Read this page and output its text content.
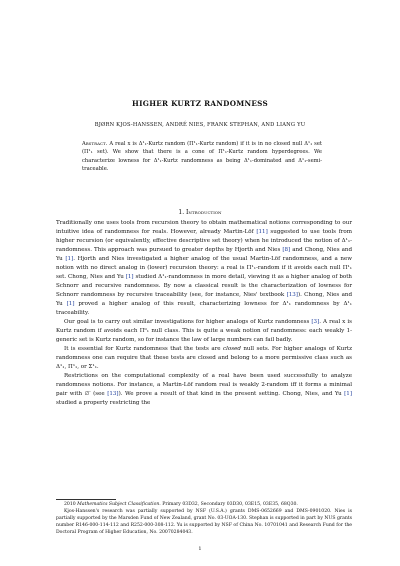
HIGHER KURTZ RANDOMNESS
BJØRN KJOS-HANSSEN, ANDRÉ NIES, FRANK STEPHAN, AND LIANG YU
Abstract. A real x is Δ¹₁-Kurtz random (Π¹₁-Kurtz random) if it is in no closed null Δ¹₁ set (Π¹₁ set). We show that there is a cone of Π¹₁-Kurtz random hyperdegrees. We characterize lowness for Δ¹₁-Kurtz randomness as being Δ¹₁-dominated and Δ¹₁-semi-traceable.
1. Introduction

Traditionally one uses tools from recursion theory to obtain mathematical notions corresponding to our intuitive idea of randomness for reals. However, already Martin-Löf [11] suggested to use tools from higher recursion (or equivalently, effective descriptive set theory) when he introduced the notion of Δ¹₁-randomness. This approach was pursued to greater depths by Hjorth and Nies [8] and Chong, Nies and Yu [1]. Hjorth and Nies investigated a higher analog of the usual Martin-Löf randomness, and a new notion with no direct analog in (lower) recursion theory: a real is Π¹₁-random if it avoids each null Π¹₁ set. Chong, Nies and Yu [1] studied Δ¹₁-randomness in more detail, viewing it as a higher analog of both Schnorr and recursive randomness. By now a classical result is the characterization of lowness for Schnorr randomness by recursive traceability (see, for instance, Nies' textbook [13]). Chong, Nies and Yu [1] proved a higher analog of this result, characterizing lowness for Δ¹₁ randomness by Δ¹₁ traceability.

Our goal is to carry out similar investigations for higher analogs of Kurtz randomness [3]. A real x is Kurtz random if avoids each Π⁰₁ null class. This is quite a weak notion of randomness: each weakly 1-generic set is Kurtz random, so for instance the law of large numbers can fail badly.

It is essential for Kurtz randomness that the tests are closed null sets. For higher analogs of Kurtz randomness one can require that these tests are closed and belong to a more permissive class such as Δ¹₁, Π¹₁, or Σ¹₁.

Restrictions on the computational complexity of a real have been used successfully to analyze randomness notions. For instance, a Martin-Löf random real is weakly 2-random iff it forms a minimal pair with ∅′ (see [13]). We prove a result of that kind in the present setting. Chong, Nies, and Yu [1] studied a property restricting the

2010 Mathematics Subject Classification. Primary 03D32, Secondary 03D30, 03E15, 03E35, 68Q30.

Kjos-Hanssen's research was partially supported by NSF (U.S.A.) grants DMS-0652669 and DMS-0901020. Nies is partially supported by the Marsden Fund of New Zealand, grant No. 03-UOA-130. Stephan is supported in part by NUS grants number R146-000-114-112 and R252-000-308-112. Yu is supported by NSF of China No. 10701041 and Research Fund for the Doctoral Program of Higher Education, No. 20070284043.

1
